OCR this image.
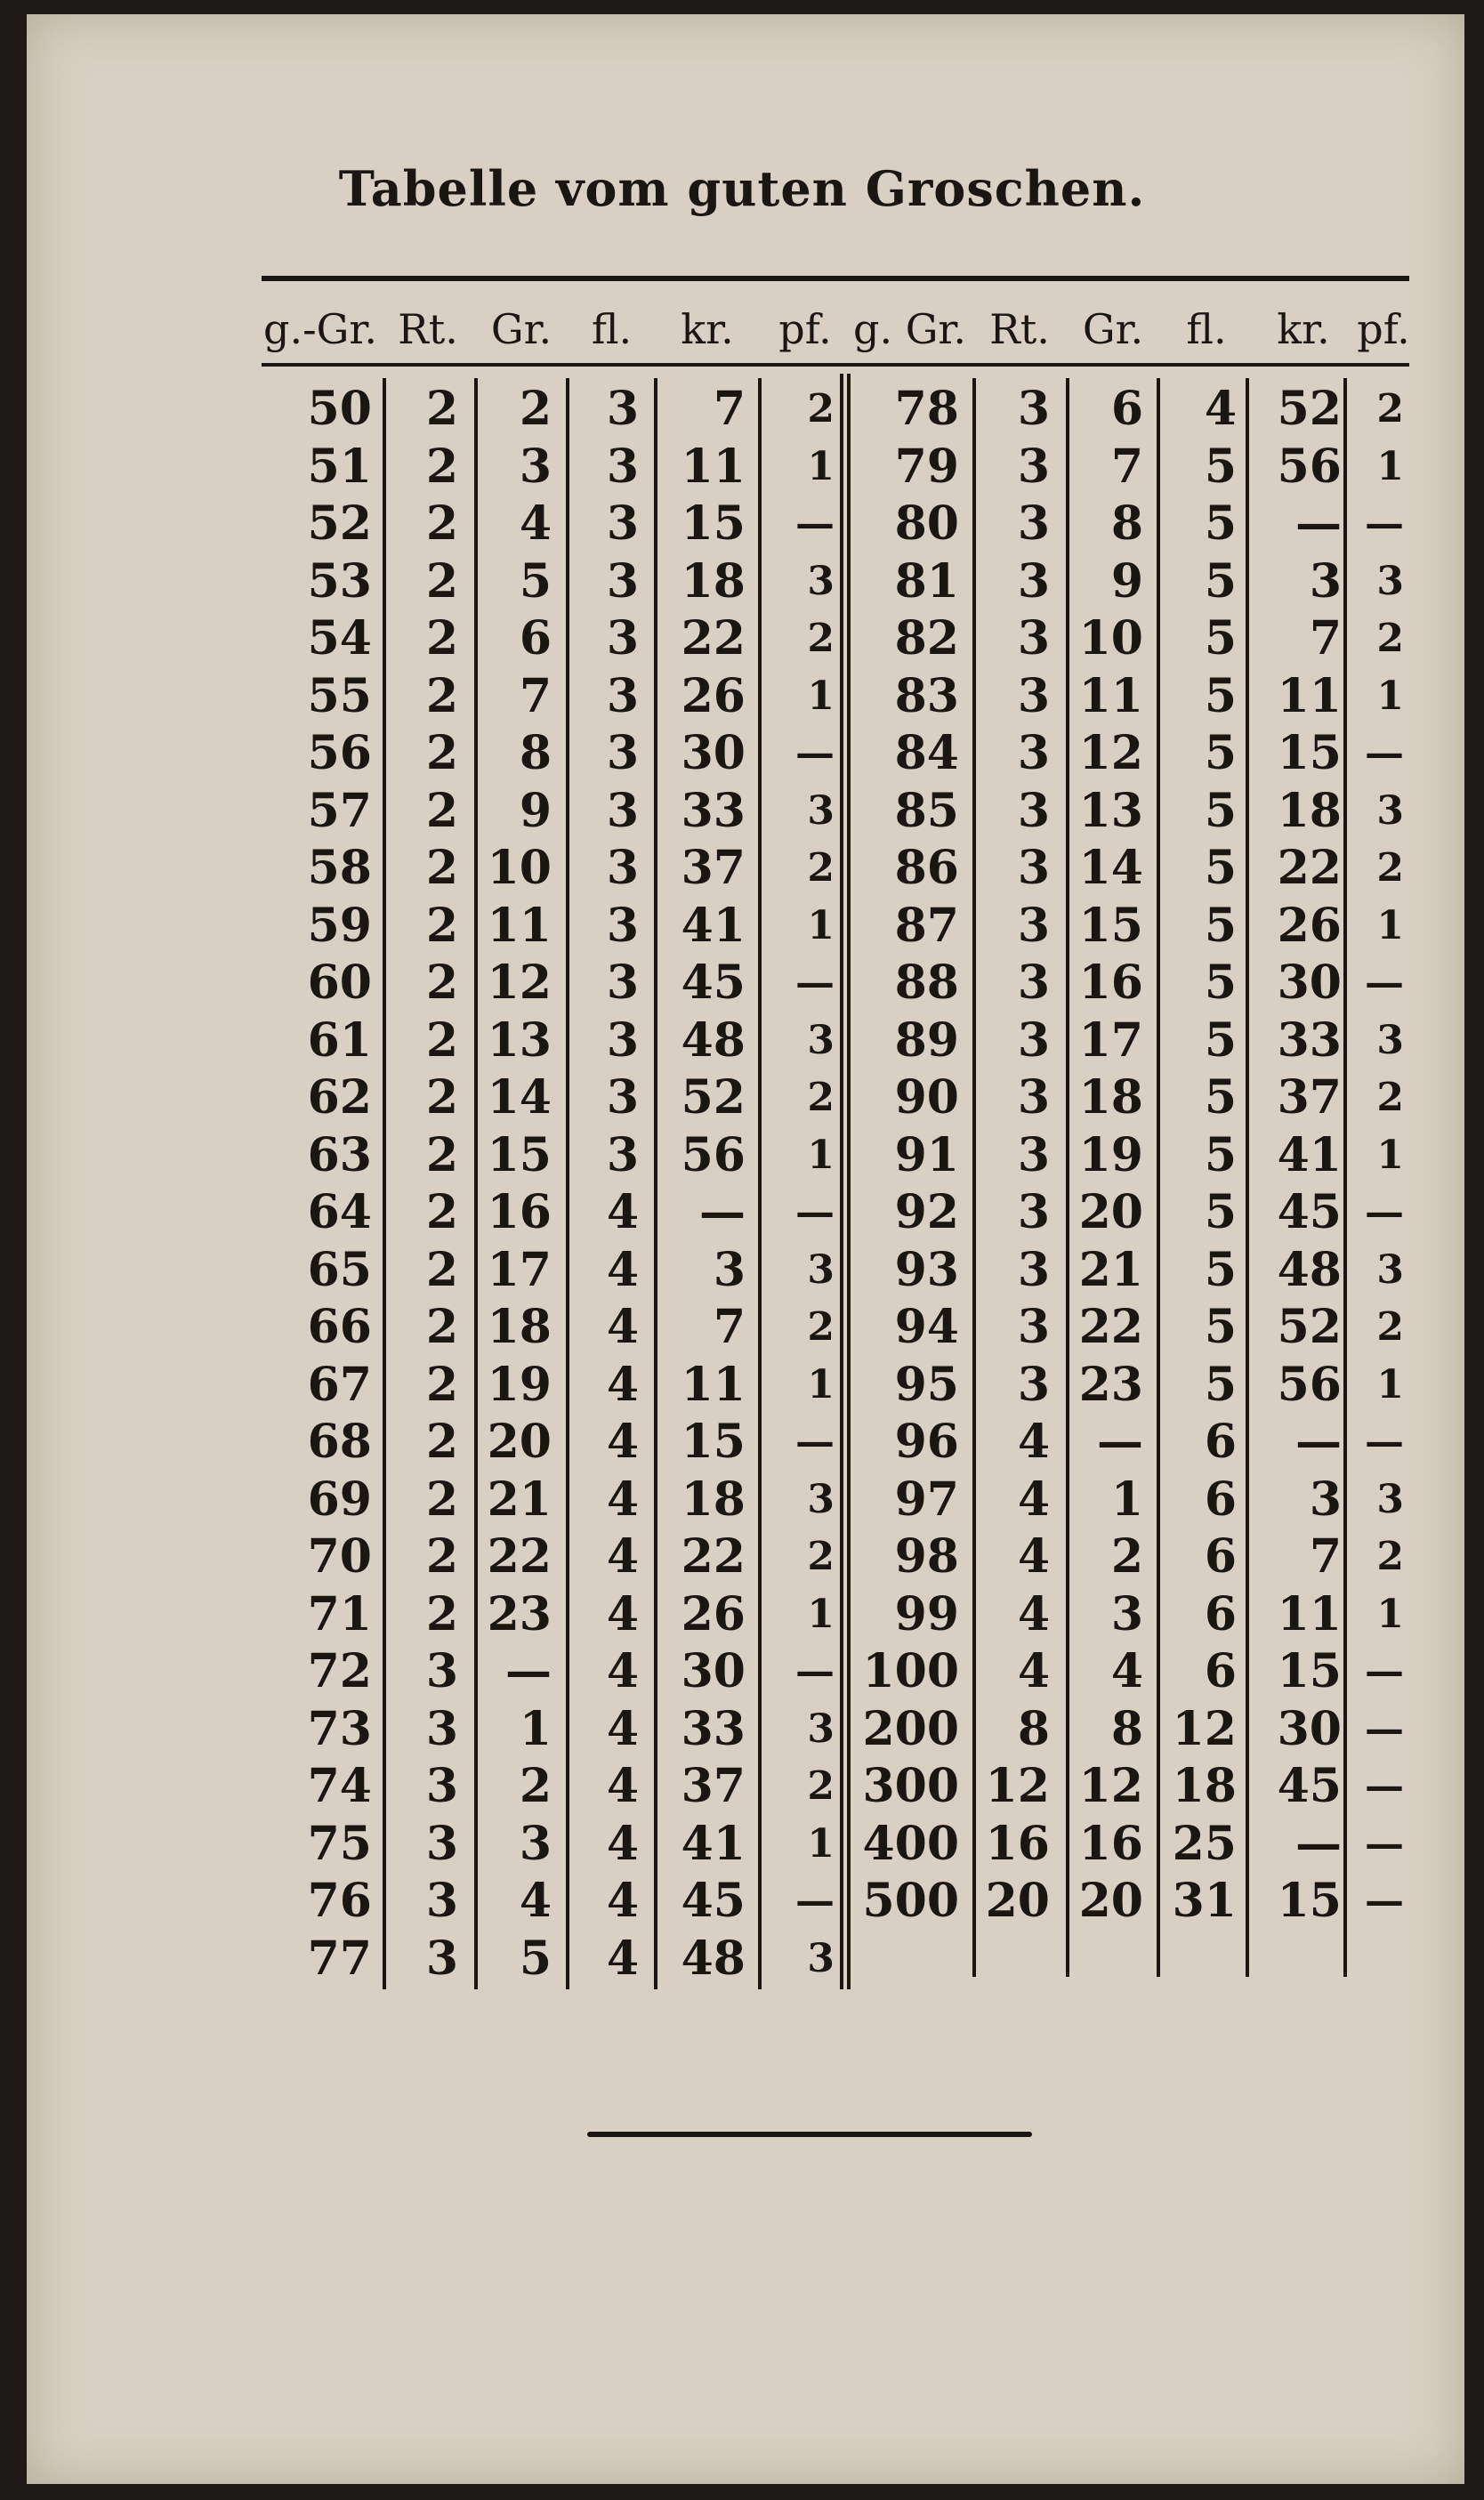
Tabelle vom guten Groschen.
g.-Gr. Rt. Gr. fl.	kr.	pf. g. Gr. Rt. Gr.	fl.	kr. pf.
50	2	2	3	7	2
51	2	3	3 11	1
52	2	4	3 15	—
53	2	5	3 18	3
54	2	6	3 22	2
55	2	7	3 26	1
56	2	8	3 30	—
57	2	9	3 33	3
58	2 10	3 37	2
59	2 11	3 41	1
60	2 12	3 45	—
61	2 13	3 48	3
62	2 14	3 52	2
63	2 15	3 56	1
64	2 16	4	—	—
65	2 17	4	3	3
66	2 18	4	7	2
67	2 19	4 11	1
68	2 20	4 15	—
69	2 21	4 18	3
70	2 22	4 22	2
71	2 23	4 26	1
72	3	—	4 30	—
73	3	1	4 33	3
74	3	2	4 37	2
75	3	3	4 41	1
76	3	4	4 45	—
77	3	5	4 48	3
78	3	6	4 52 2
79	3	7	5 56 1
80	3	8	5	— —
81	3	9	5	3 3
82	3 10	5	7 2
83	3 11	5 11 1
84	3 12	5 15 —
85	3 13	5 18 3
86	3 14	5 22 2
87	3 15	5 26 1
88	3 16	5 30 —
89	3 17	5 33 3
90	3 18	5 37 2
91	3 19	5 41 1
92	3 20	5 45 —
93	3 21	5 48 3
94	3 22	5 52 2
95	3 23	5 56 1
96	4	—	6	— —
97	4	1	6	3 3
98	4	2	6	7 2
99	4	3	6 11 1
100	4	4	6 15 —
200	8	8 12 30 —
300 12 12 18 45 —
400 16 16 25	— —
500 20 20 31 15 —
